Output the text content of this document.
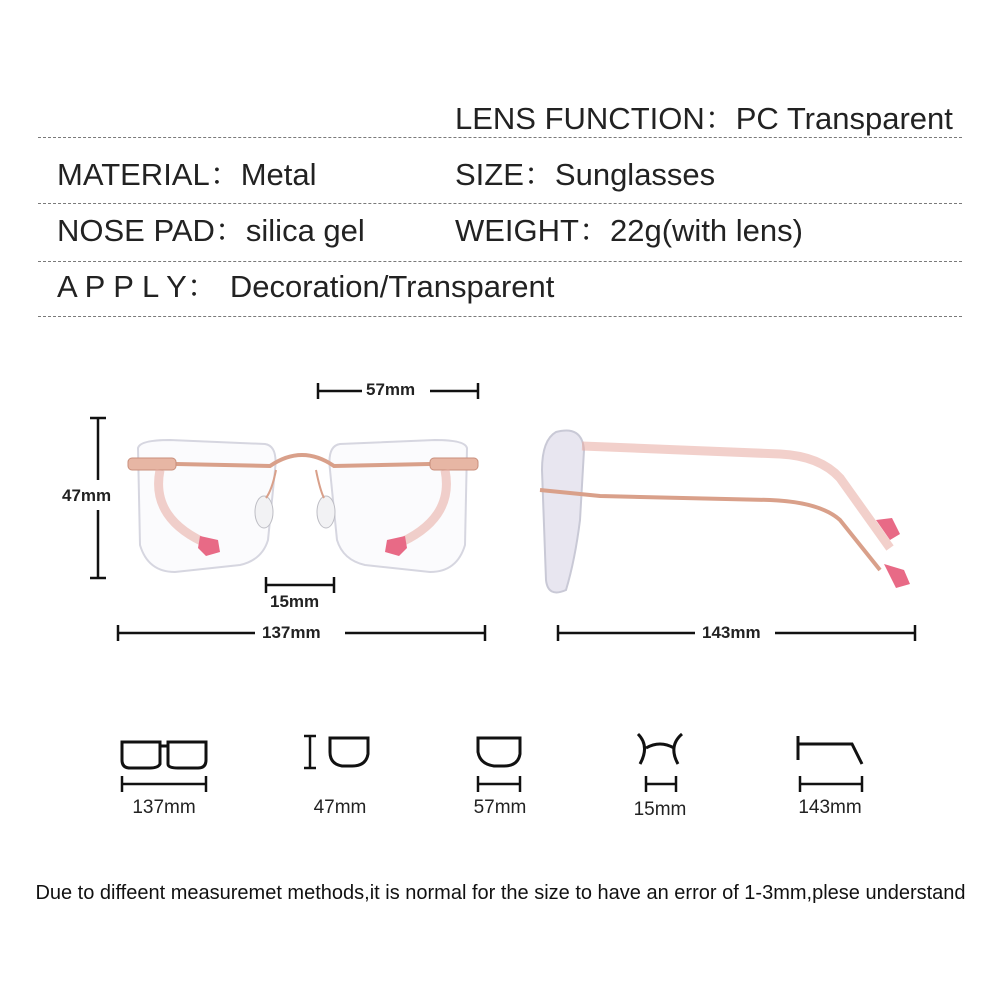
LENS FUNCTION：PC Transparent
MATERIAL：Metal	SIZE：Sunglasses
NOSE PAD：silica gel	WEIGHT：22g(with lens)
A P P L Y： Decoration/Transparent
57mm
47mm
15mm
137mm	143mm
137mm	47mm	57mm	15mm	143mm
Due to diffeent measuremet methods,it is normal for the size to have an error of 1-3mm,plese understand
